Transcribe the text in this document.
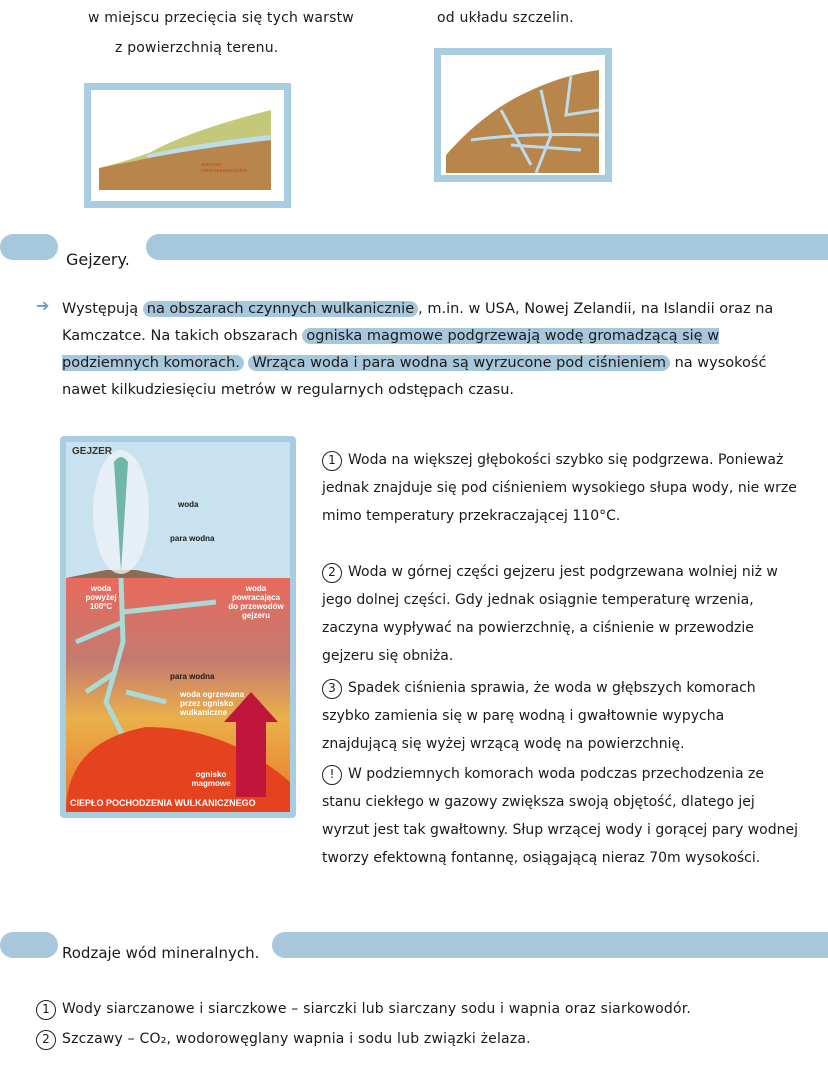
w miejscu przecięcia się tych warstw
z powierzchnią terenu.
od układu szczelin.
warstwy nieprzepuszczalne
Gejzery.
➔ Występują na obszarach czynnych wulkanicznie , m.in. w USA, Nowej Zelandii, na Islandii oraz na Kamczatce. Na takich obszarach ogniska magmowe podgrzewają wodę gromadzącą się w podziemnych komorach. Wrząca woda i para wodna są wyrzucone pod ciśnieniem na wysokość nawet kilkudziesięciu metrów w regularnych odstępach czasu.
GEJZER
woda
para wodna
woda powyżej 100°C
woda powracająca do przewodów gejzeru
para wodna
woda ogrzewana przez ognisko wulkaniczne
ognisko magmowe
CIEPŁO POCHODZENIA WULKANICZNEGO
1 Woda na większej głębokości szybko się podgrzewa. Ponieważ jednak znajduje się pod ciśnieniem wysokiego słupa wody, nie wrze mimo temperatury przekraczającej 110°C.
2 Woda w górnej części gejzeru jest podgrzewana wolniej niż w jego dolnej części. Gdy jednak osiągnie temperaturę wrzenia, zaczyna wypływać na powierzchnię, a ciśnienie w przewodzie gejzeru się obniża.
3 Spadek ciśnienia sprawia, że woda w głębszych komorach szybko zamienia się w parę wodną i gwałtownie wypycha znajdującą się wyżej wrzącą wodę na powierzchnię.
! W podziemnych komorach woda podczas przechodzenia ze stanu ciekłego w gazowy zwiększa swoją objętość, dlatego jej wyrzut jest tak gwałtowny. Słup wrzącej wody i gorącej pary wodnej tworzy efektowną fontannę, osiągającą nieraz 70m wysokości.
Rodzaje wód mineralnych.
1 Wody siarczanowe i siarczkowe – siarczki lub siarczany sodu i wapnia oraz siarkowodór.
2 Szczawy – CO₂, wodorowęglany wapnia i sodu lub związki żelaza.
